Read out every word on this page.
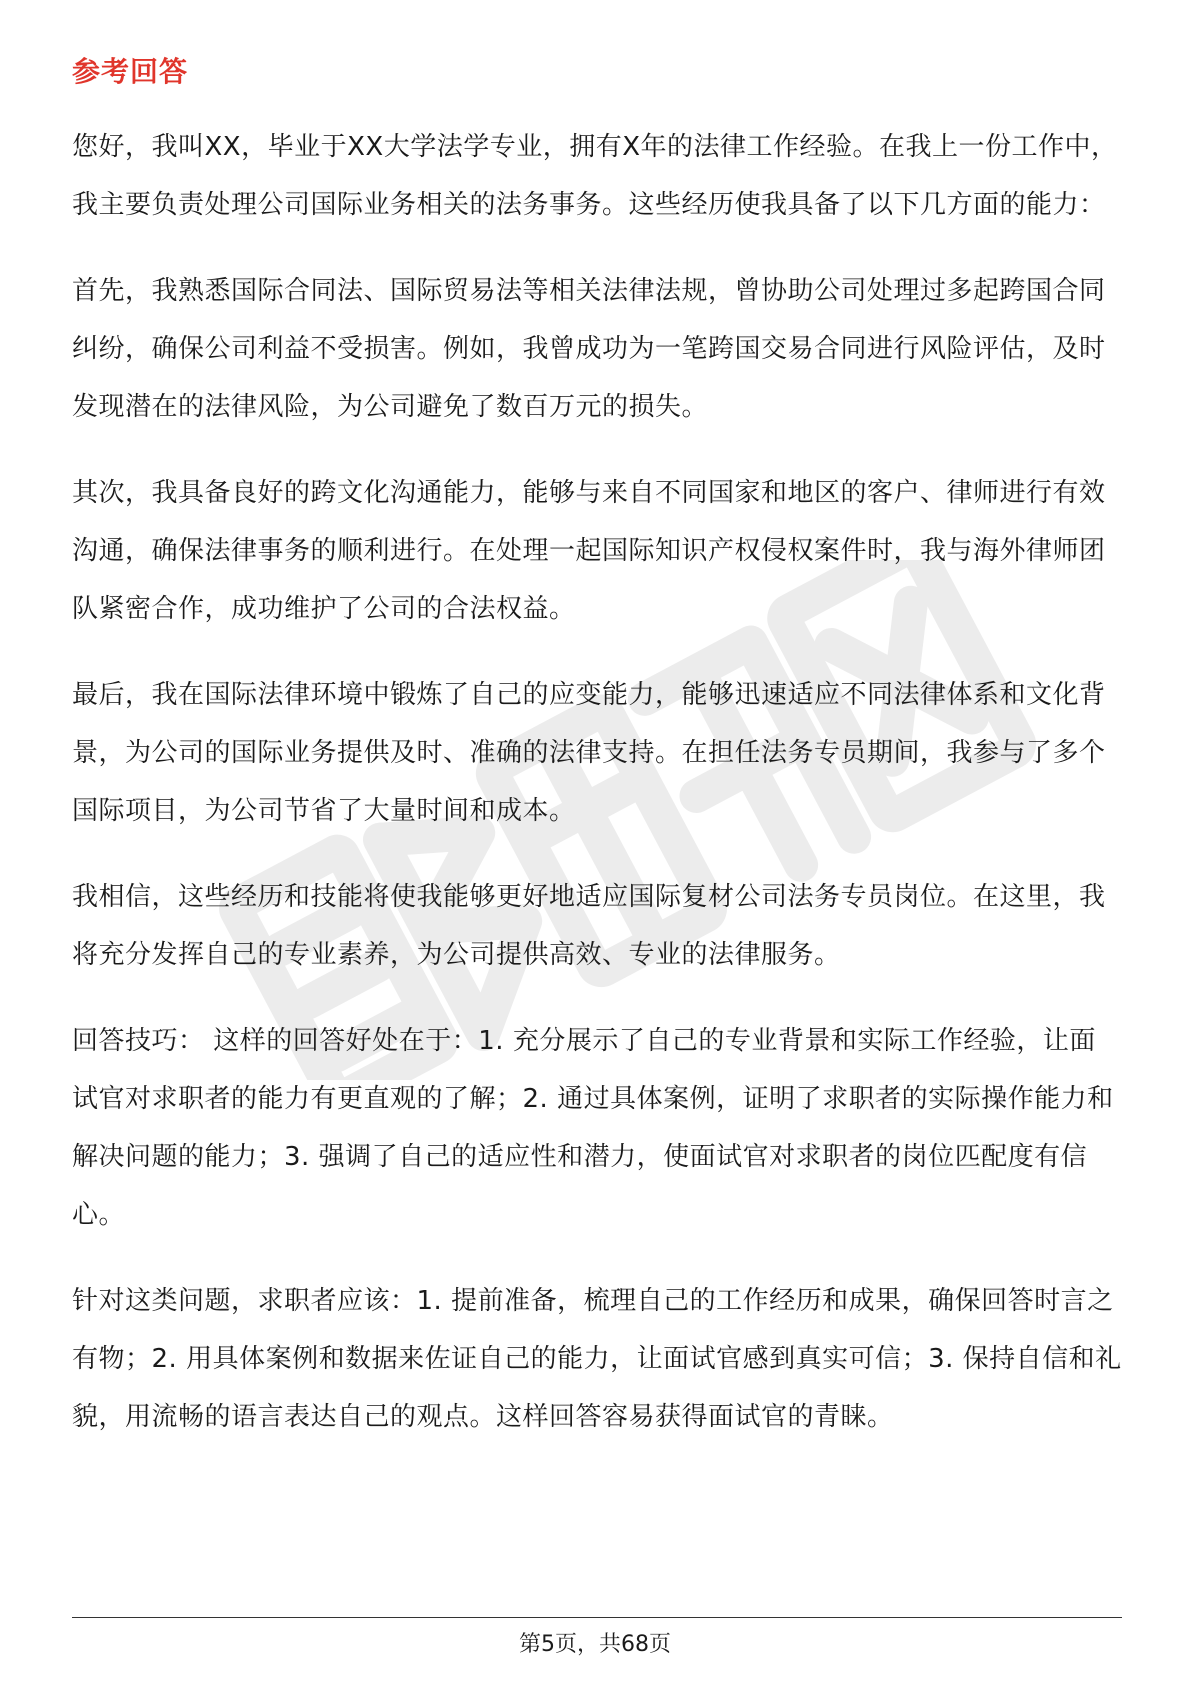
参考回答

您好，我叫XX，毕业于XX大学法学专业，拥有X年的法律工作经验。在我上一份工作中，我主要负责处理公司国际业务相关的法务事务。这些经历使我具备了以下几方面的能力：

首先，我熟悉国际合同法、国际贸易法等相关法律法规，曾协助公司处理过多起跨国合同纠纷，确保公司利益不受损害。例如，我曾成功为一笔跨国交易合同进行风险评估，及时发现潜在的法律风险，为公司避免了数百万元的损失。

其次，我具备良好的跨文化沟通能力，能够与来自不同国家和地区的客户、律师进行有效沟通，确保法律事务的顺利进行。在处理一起国际知识产权侵权案件时，我与海外律师团队紧密合作，成功维护了公司的合法权益。

最后，我在国际法律环境中锻炼了自己的应变能力，能够迅速适应不同法律体系和文化背景，为公司的国际业务提供及时、准确的法律支持。在担任法务专员期间，我参与了多个国际项目，为公司节省了大量时间和成本。

我相信，这些经历和技能将使我能够更好地适应国际复材公司法务专员岗位。在这里，我将充分发挥自己的专业素养，为公司提供高效、专业的法律服务。

回答技巧： 这样的回答好处在于：1. 充分展示了自己的专业背景和实际工作经验，让面试官对求职者的能力有更直观的了解；2. 通过具体案例，证明了求职者的实际操作能力和解决问题的能力；3. 强调了自己的适应性和潜力，使面试官对求职者的岗位匹配度有信心。

针对这类问题，求职者应该：1. 提前准备，梳理自己的工作经历和成果，确保回答时言之有物；2. 用具体案例和数据来佐证自己的能力，让面试官感到真实可信；3. 保持自信和礼貌，用流畅的语言表达自己的观点。这样回答容易获得面试官的青睐。

第5页，共68页
